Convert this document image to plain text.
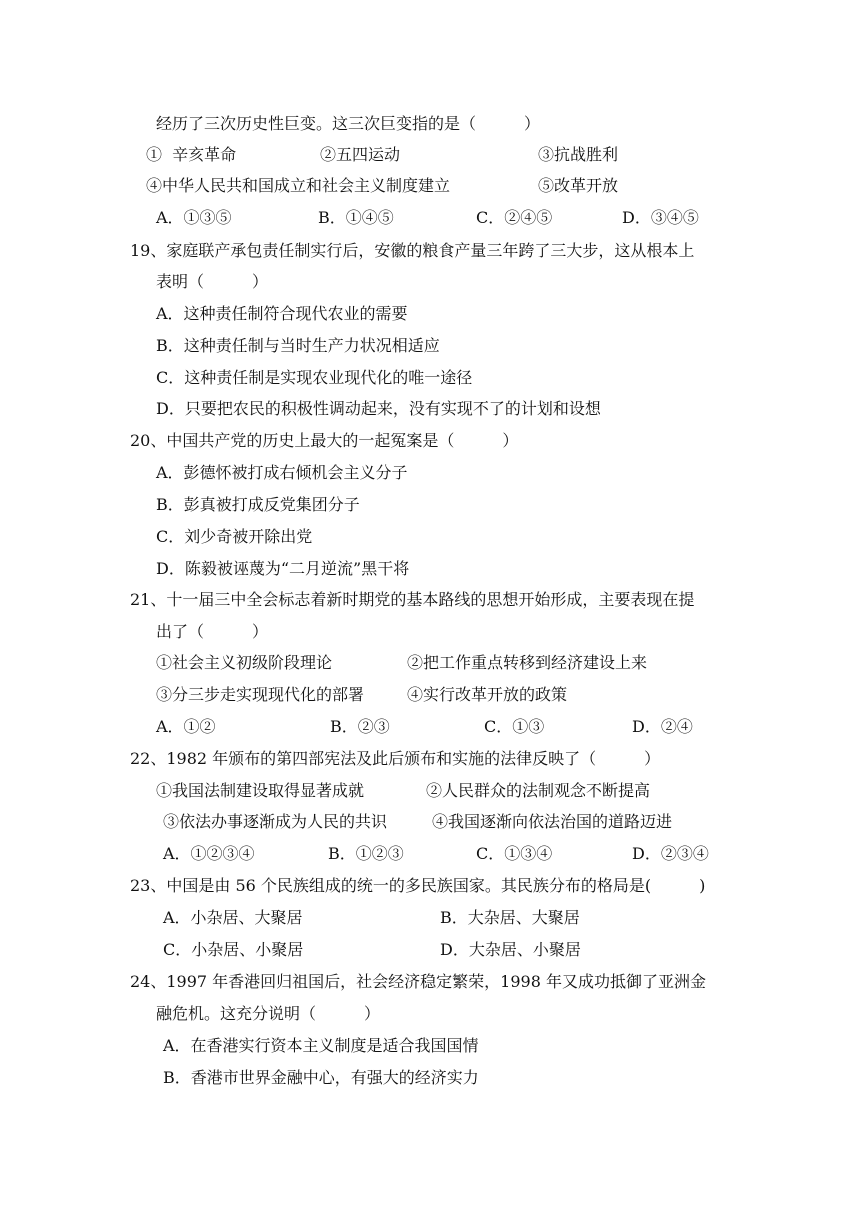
经历了三次历史性巨变。这三次巨变指的是（　　　）
①  辛亥革命	②五四运动	③抗战胜利
④中华人民共和国成立和社会主义制度建立	⑤改革开放
A．①③⑤	B．①④⑤	C．②④⑤	D．③④⑤
19、家庭联产承包责任制实行后，安徽的粮食产量三年跨了三大步，这从根本上
表明（　　　）
A．这种责任制符合现代农业的需要
B．这种责任制与当时生产力状况相适应
C．这种责任制是实现农业现代化的唯一途径
D．只要把农民的积极性调动起来，没有实现不了的计划和设想
20、中国共产党的历史上最大的一起冤案是（　　　）
A．彭德怀被打成右倾机会主义分子
B．彭真被打成反党集团分子
C．刘少奇被开除出党
D．陈毅被诬蔑为“二月逆流”黑干将
21、十一届三中全会标志着新时期党的基本路线的思想开始形成，主要表现在提
出了（　　　）
①社会主义初级阶段理论	②把工作重点转移到经济建设上来
③分三步走实现现代化的部署	④实行改革开放的政策
A．①②	B．②③	C．①③	D．②④
22、1982 年颁布的第四部宪法及此后颁布和实施的法律反映了（　　　）
①我国法制建设取得显著成就	②人民群众的法制观念不断提高
③依法办事逐渐成为人民的共识	④我国逐渐向依法治国的道路迈进
A．①②③④	B．①②③	C．①③④	D．②③④
23、中国是由 56 个民族组成的统一的多民族国家。其民族分布的格局是(　　　)
A．小杂居、大聚居	B．大杂居、大聚居
C．小杂居、小聚居	D．大杂居、小聚居
24、1997 年香港回归祖国后，社会经济稳定繁荣，1998 年又成功抵御了亚洲金
融危机。这充分说明（　　　）
A．在香港实行资本主义制度是适合我国国情
B．香港市世界金融中心，有强大的经济实力
